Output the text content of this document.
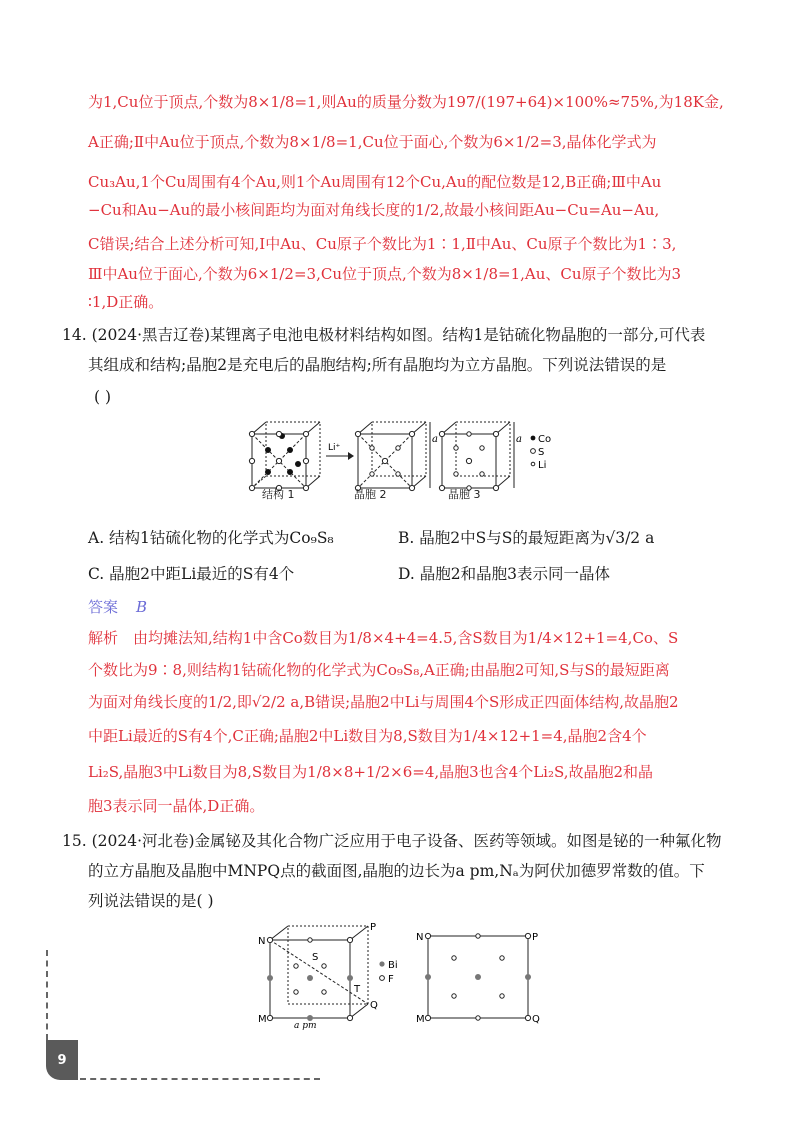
为1,Cu位于顶点,个数为8×1/8=1,则Au的质量分数为197/(197+64)×100%≈75%,为18K金,
A正确;Ⅱ中Au位于顶点,个数为8×1/8=1,Cu位于面心,个数为6×1/2=3,晶体化学式为
Cu₃Au,1个Cu周围有4个Au,则1个Au周围有12个Cu,Au的配位数是12,B正确;Ⅲ中Au
−Cu和Au−Au的最小核间距均为面对角线长度的1/2,故最小核间距Au−Cu=Au−Au,
C错误;结合上述分析可知,Ⅰ中Au、Cu原子个数比为1∶1,Ⅱ中Au、Cu原子个数比为1∶3,
Ⅲ中Au位于面心,个数为6×1/2=3,Cu位于顶点,个数为8×1/8=1,Au、Cu原子个数比为3
∶1,D正确。
14. (2024·黑吉辽卷)某锂离子电池电极材料结构如图。结构1是钴硫化物晶胞的一部分,可代表
其组成和结构;晶胞2是充电后的晶胞结构;所有晶胞均为立方晶胞。下列说法错误的是
( )
Li⁺
a	a Co
S
Li
结构 1	晶胞 2	晶胞 3
A. 结构1钴硫化物的化学式为Co₉S₈	B. 晶胞2中S与S的最短距离为√3/2 a
C. 晶胞2中距Li最近的S有4个	D. 晶胞2和晶胞3表示同一晶体
答案 B
解析　由均摊法知,结构1中含Co数目为1/8×4+4=4.5,含S数目为1/4×12+1=4,Co、S
个数比为9∶8,则结构1钴硫化物的化学式为Co₉S₈,A正确;由晶胞2可知,S与S的最短距离
为面对角线长度的1/2,即√2/2 a,B错误;晶胞2中Li与周围4个S形成正四面体结构,故晶胞2
中距Li最近的S有4个,C正确;晶胞2中Li数目为8,S数目为1/4×12+1=4,晶胞2含4个
Li₂S,晶胞3中Li数目为8,S数目为1/8×8+1/2×6=4,晶胞3也含4个Li₂S,故晶胞2和晶
胞3表示同一晶体,D正确。
15. (2024·河北卷)金属铋及其化合物广泛应用于电子设备、医药等领域。如图是铋的一种氟化物
的立方晶胞及晶胞中MNPQ点的截面图,晶胞的边长为a pm,Nₐ为阿伏加德罗常数的值。下
列说法错误的是( )
N
P
M
Q
S
T
a pm
Bi
F
N	P
M	Q
9
